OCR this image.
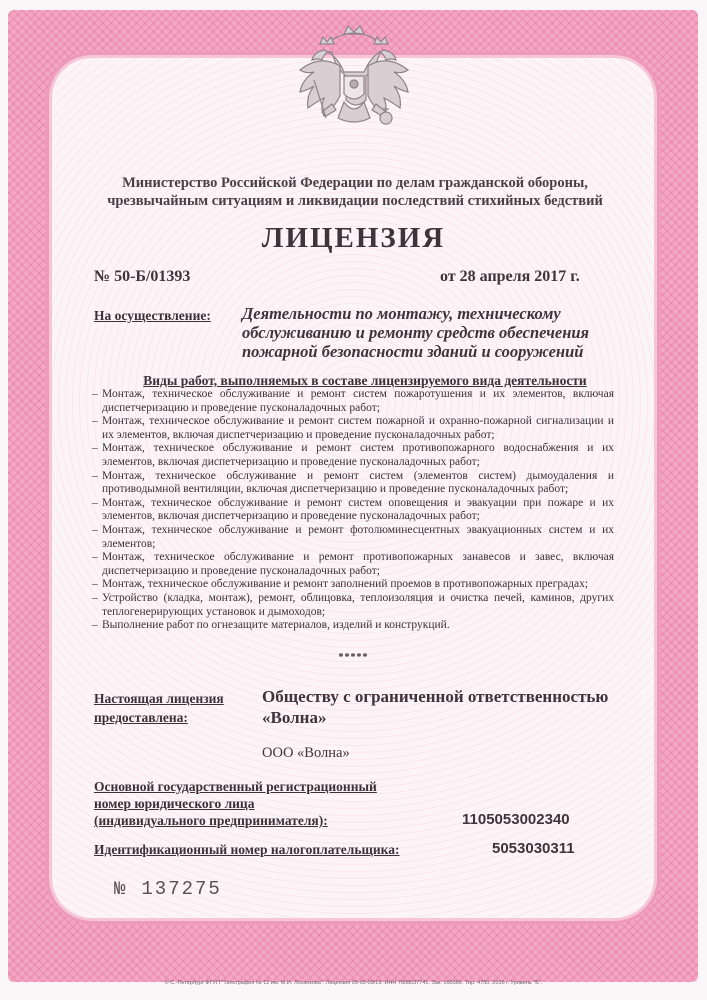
Министерство Российской Федерации по делам гражданской обороны,
чрезвычайным ситуациям и ликвидации последствий стихийных бедствий
ЛИЦЕНЗИЯ
№ 50-Б/01393	от 28 апреля 2017 г.
На осуществление: Деятельности по монтажу, техническому обслуживанию и ремонту средств обеспечения пожарной безопасности зданий и сооружений
Виды работ, выполняемых в составе лицензируемого вида деятельности
– Монтаж, техническое обслуживание и ремонт систем пожаротушения и их элементов, включая диспетчеризацию и проведение пусконаладочных работ;
– Монтаж, техническое обслуживание и ремонт систем пожарной и охранно-пожарной сигнализации и их элементов, включая диспетчеризацию и проведение пусконаладочных работ;
– Монтаж, техническое обслуживание и ремонт систем противопожарного водоснабжения и их элементов, включая диспетчеризацию и проведение пусконаладочных работ;
– Монтаж, техническое обслуживание и ремонт систем (элементов систем) дымоудаления и противодымной вентиляции, включая диспетчеризацию и проведение пусконаладочных работ;
– Монтаж, техническое обслуживание и ремонт систем оповещения и эвакуации при пожаре и их элементов, включая диспетчеризацию и проведение пусконаладочных работ;
– Монтаж, техническое обслуживание и ремонт фотолюминесцентных эвакуационных систем и их элементов;
– Монтаж, техническое обслуживание и ремонт противопожарных занавесов и завес, включая диспетчеризацию и проведение пусконаладочных работ;
– Монтаж, техническое обслуживание и ремонт заполнений проемов в противопожарных преградах;
– Устройство (кладка, монтаж), ремонт, облицовка, теплоизоляция и очистка печей, каминов, других теплогенерирующих установок и дымоходов;
– Выполнение работ по огнезащите материалов, изделий и конструкций.
*****
Настоящая лицензия
предоставлена:
Обществу с ограниченной ответственностью
«Волна»
ООО «Волна»
Основной государственный регистрационный
номер юридического лица
(индивидуального предпринимателя):	1105053002340
Идентификационный номер налогоплательщика:	5053030311
№ 137275
© С.-Петербург ФГУП "Типография № 12 им. М.И. Лоханкова". Лицензия 05-05-09/19. ИНН 7808037741. Зак. 160366. Тир. 4750. 2016 г. Уровень "Б".
